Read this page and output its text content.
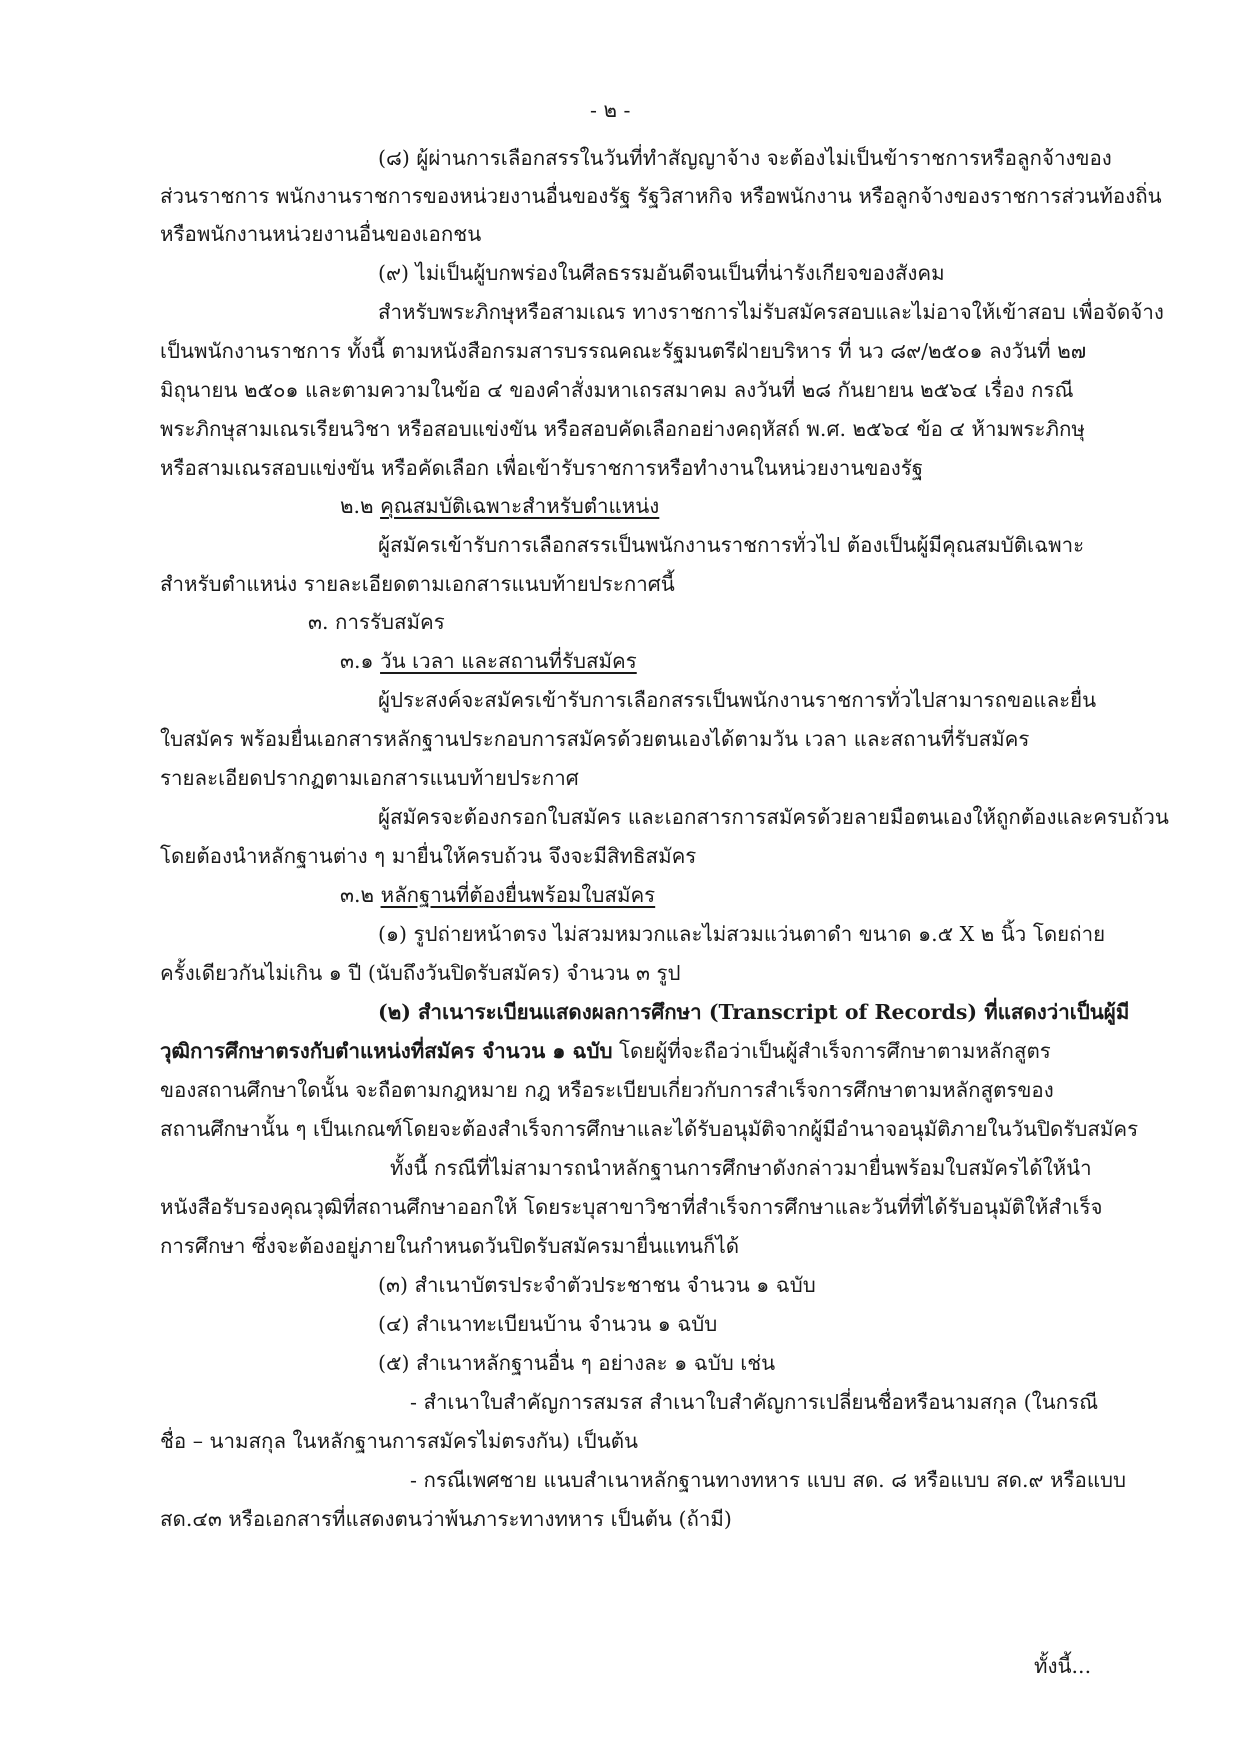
- ๒ -
(๘) ผู้ผ่านการเลือกสรรในวันที่ทำสัญญาจ้าง จะต้องไม่เป็นข้าราชการหรือลูกจ้างของ
ส่วนราชการ พนักงานราชการของหน่วยงานอื่นของรัฐ รัฐวิสาหกิจ หรือพนักงาน หรือลูกจ้างของราชการส่วนท้องถิ่น
หรือพนักงานหน่วยงานอื่นของเอกชน
(๙) ไม่เป็นผู้บกพร่องในศีลธรรมอันดีจนเป็นที่น่ารังเกียจของสังคม
สำหรับพระภิกษุหรือสามเณร ทางราชการไม่รับสมัครสอบและไม่อาจให้เข้าสอบ เพื่อจัดจ้าง
เป็นพนักงานราชการ ทั้งนี้ ตามหนังสือกรมสารบรรณคณะรัฐมนตรีฝ่ายบริหาร ที่ นว ๘๙/๒๕๐๑ ลงวันที่ ๒๗
มิถุนายน ๒๕๐๑ และตามความในข้อ ๔ ของคำสั่งมหาเถรสมาคม ลงวันที่ ๒๘ กันยายน ๒๕๖๔ เรื่อง กรณี
พระภิกษุสามเณรเรียนวิชา หรือสอบแข่งขัน หรือสอบคัดเลือกอย่างคฤหัสถ์ พ.ศ. ๒๕๖๔ ข้อ ๔ ห้ามพระภิกษุ
หรือสามเณรสอบแข่งขัน หรือคัดเลือก เพื่อเข้ารับราชการหรือทำงานในหน่วยงานของรัฐ
๒.๒ คุณสมบัติเฉพาะสำหรับตำแหน่ง
ผู้สมัครเข้ารับการเลือกสรรเป็นพนักงานราชการทั่วไป ต้องเป็นผู้มีคุณสมบัติเฉพาะ
สำหรับตำแหน่ง รายละเอียดตามเอกสารแนบท้ายประกาศนี้
๓. การรับสมัคร
๓.๑ วัน เวลา และสถานที่รับสมัคร
ผู้ประสงค์จะสมัครเข้ารับการเลือกสรรเป็นพนักงานราชการทั่วไปสามารถขอและยื่น
ใบสมัคร พร้อมยื่นเอกสารหลักฐานประกอบการสมัครด้วยตนเองได้ตามวัน เวลา และสถานที่รับสมัคร
รายละเอียดปรากฏตามเอกสารแนบท้ายประกาศ
ผู้สมัครจะต้องกรอกใบสมัคร และเอกสารการสมัครด้วยลายมือตนเองให้ถูกต้องและครบถ้วน
โดยต้องนำหลักฐานต่าง ๆ มายื่นให้ครบถ้วน จึงจะมีสิทธิสมัคร
๓.๒ หลักฐานที่ต้องยื่นพร้อมใบสมัคร
(๑) รูปถ่ายหน้าตรง ไม่สวมหมวกและไม่สวมแว่นตาดำ ขนาด ๑.๕ X ๒ นิ้ว โดยถ่าย
ครั้งเดียวกันไม่เกิน ๑ ปี (นับถึงวันปิดรับสมัคร) จำนวน ๓ รูป
(๒) สำเนาระเบียนแสดงผลการศึกษา (Transcript of Records) ที่แสดงว่าเป็นผู้มี
วุฒิการศึกษาตรงกับตำแหน่งที่สมัคร จำนวน ๑ ฉบับ โดยผู้ที่จะถือว่าเป็นผู้สำเร็จการศึกษาตามหลักสูตร
ของสถานศึกษาใดนั้น จะถือตามกฎหมาย กฎ หรือระเบียบเกี่ยวกับการสำเร็จการศึกษาตามหลักสูตรของ
สถานศึกษานั้น ๆ เป็นเกณฑ์โดยจะต้องสำเร็จการศึกษาและได้รับอนุมัติจากผู้มีอำนาจอนุมัติภายในวันปิดรับสมัคร
ทั้งนี้ กรณีที่ไม่สามารถนำหลักฐานการศึกษาดังกล่าวมายื่นพร้อมใบสมัครได้ให้นำ
หนังสือรับรองคุณวุฒิที่สถานศึกษาออกให้ โดยระบุสาขาวิชาที่สำเร็จการศึกษาและวันที่ที่ได้รับอนุมัติให้สำเร็จ
การศึกษา ซึ่งจะต้องอยู่ภายในกำหนดวันปิดรับสมัครมายื่นแทนก็ได้
(๓) สำเนาบัตรประจำตัวประชาชน จำนวน ๑ ฉบับ
(๔) สำเนาทะเบียนบ้าน จำนวน ๑ ฉบับ
(๕) สำเนาหลักฐานอื่น ๆ อย่างละ ๑ ฉบับ เช่น
- สำเนาใบสำคัญการสมรส สำเนาใบสำคัญการเปลี่ยนชื่อหรือนามสกุล (ในกรณี
ชื่อ – นามสกุล ในหลักฐานการสมัครไม่ตรงกัน) เป็นต้น
- กรณีเพศชาย แนบสำเนาหลักฐานทางทหาร แบบ สด. ๘ หรือแบบ สด.๙ หรือแบบ
สด.๔๓ หรือเอกสารที่แสดงตนว่าพ้นภาระทางทหาร เป็นต้น (ถ้ามี)
ทั้งนี้...
